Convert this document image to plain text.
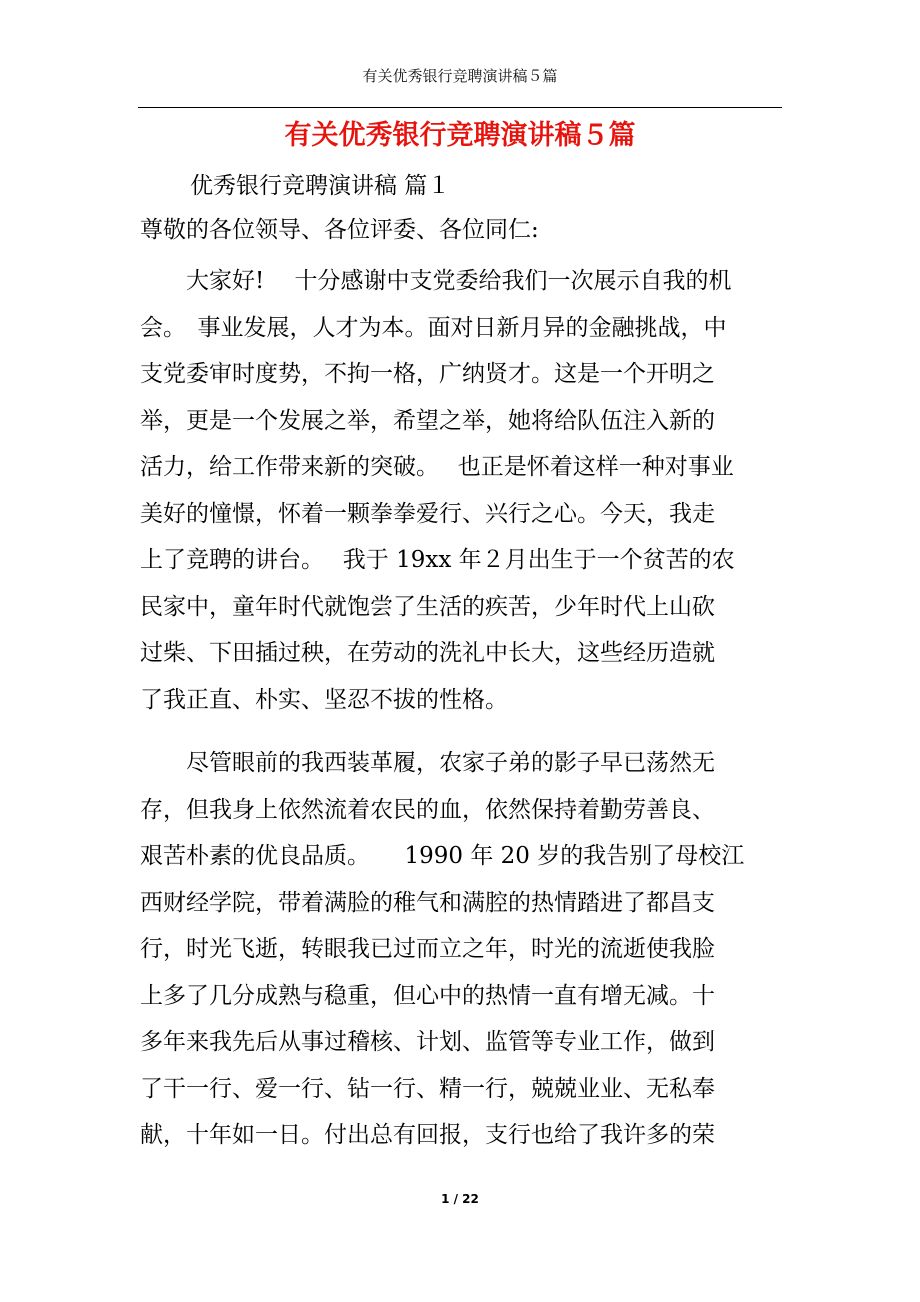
有关优秀银行竞聘演讲稿５篇
有关优秀银行竞聘演讲稿５篇
优秀银行竞聘演讲稿 篇１
尊敬的各位领导、各位评委、各位同仁:
　　大家好!　 十分感谢中支党委给我们一次展示自我的机
会。　事业发展，人才为本。面对日新月异的金融挑战，中
支党委审时度势，不拘一格，广纳贤才。这是一个开明之
举，更是一个发展之举，希望之举，她将给队伍注入新的
活力，给工作带来新的突破。　 也正是怀着这样一种对事业
美好的憧憬，怀着一颗拳拳爱行、兴行之心。今天，我走
上了竞聘的讲台。　 我于 19xx 年２月出生于一个贫苦的农
民家中，童年时代就饱尝了生活的疾苦，少年时代上山砍
过柴、下田插过秧，在劳动的洗礼中长大，这些经历造就
了我正直、朴实、坚忍不拔的性格。
　　尽管眼前的我西装革履，农家子弟的影子早已荡然无
存，但我身上依然流着农民的血，依然保持着勤劳善良、
艰苦朴素的优良品质。　　1990 年 20 岁的我告别了母校江
西财经学院，带着满脸的稚气和满腔的热情踏进了都昌支
行，时光飞逝，转眼我已过而立之年，时光的流逝使我脸
上多了几分成熟与稳重，但心中的热情一直有增无减。十
多年来我先后从事过稽核、计划、监管等专业工作，做到
了干一行、爱一行、钻一行、精一行，兢兢业业、无私奉
献，十年如一日。付出总有回报，支行也给了我许多的荣
1 / 22
